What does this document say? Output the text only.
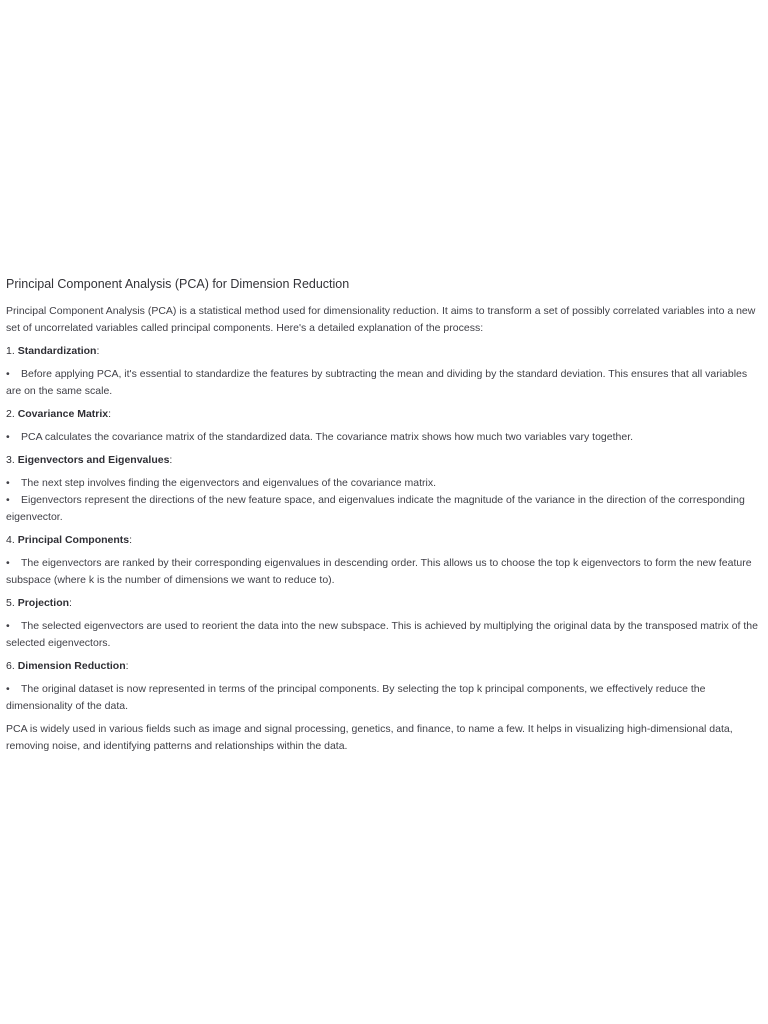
Principal Component Analysis (PCA) for Dimension Reduction

Principal Component Analysis (PCA) is a statistical method used for dimensionality reduction. It aims to transform a set of possibly correlated variables into a new set of uncorrelated variables called principal components. Here's a detailed explanation of the process:

1. Standardization:

• Before applying PCA, it's essential to standardize the features by subtracting the mean and dividing by the standard deviation. This ensures that all variables are on the same scale.

2. Covariance Matrix:

• PCA calculates the covariance matrix of the standardized data. The covariance matrix shows how much two variables vary together.

3. Eigenvectors and Eigenvalues:

• The next step involves finding the eigenvectors and eigenvalues of the covariance matrix.
• Eigenvectors represent the directions of the new feature space, and eigenvalues indicate the magnitude of the variance in the direction of the corresponding eigenvector.

4. Principal Components:

• The eigenvectors are ranked by their corresponding eigenvalues in descending order. This allows us to choose the top k eigenvectors to form the new feature subspace (where k is the number of dimensions we want to reduce to).

5. Projection:

• The selected eigenvectors are used to reorient the data into the new subspace. This is achieved by multiplying the original data by the transposed matrix of the selected eigenvectors.

6. Dimension Reduction:

• The original dataset is now represented in terms of the principal components. By selecting the top k principal components, we effectively reduce the dimensionality of the data.

PCA is widely used in various fields such as image and signal processing, genetics, and finance, to name a few. It helps in visualizing high-dimensional data, removing noise, and identifying patterns and relationships within the data.
